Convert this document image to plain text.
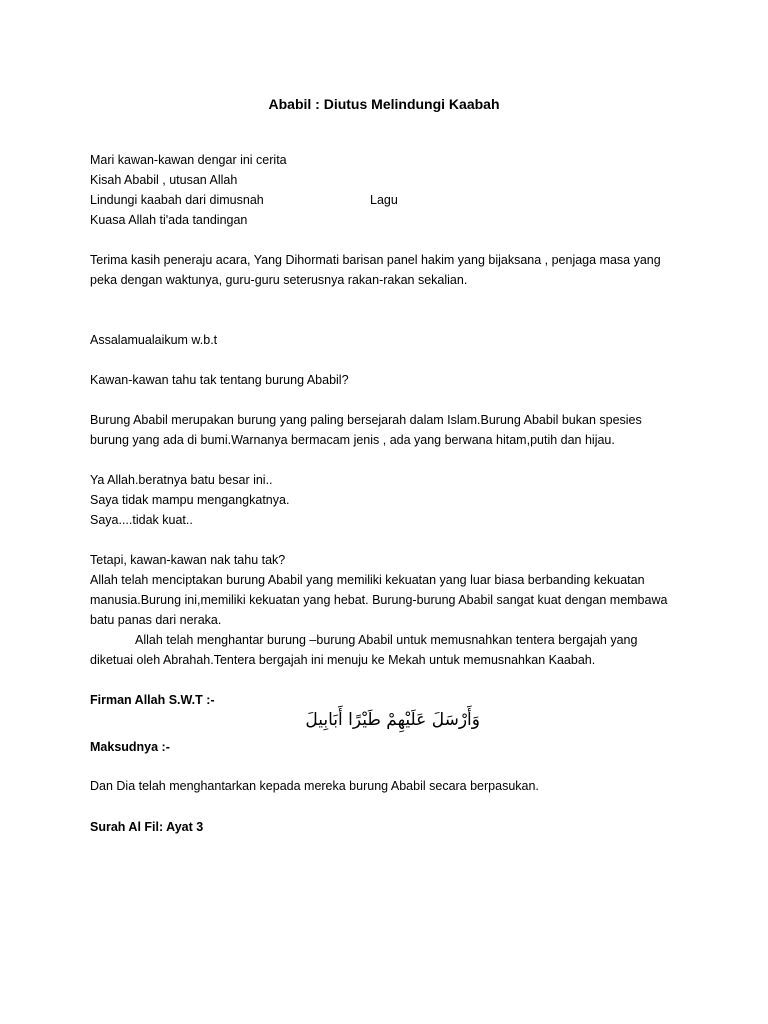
Ababil : Diutus Melindungi Kaabah
Mari kawan-kawan dengar ini cerita
Kisah Ababil , utusan Allah
Lindungi kaabah dari dimusnah	Lagu
Kuasa Allah ti'ada tandingan
Terima kasih peneraju acara, Yang Dihormati barisan panel hakim yang bijaksana , penjaga masa yang
peka dengan waktunya, guru-guru seterusnya rakan-rakan sekalian.
Assalamualaikum w.b.t
Kawan-kawan tahu tak tentang burung Ababil?
Burung Ababil merupakan burung yang paling bersejarah dalam Islam.Burung Ababil bukan spesies
burung yang ada di bumi.Warnanya bermacam jenis , ada yang berwana hitam,putih dan hijau.
Ya Allah.beratnya batu besar ini..
Saya tidak mampu mengangkatnya.
Saya....tidak kuat..
Tetapi, kawan-kawan nak tahu tak?
Allah telah menciptakan burung Ababil yang memiliki kekuatan yang luar biasa berbanding kekuatan
manusia.Burung ini,memiliki kekuatan yang hebat. Burung-burung Ababil sangat kuat dengan membawa
batu panas dari neraka.
Allah telah menghantar burung –burung Ababil untuk memusnahkan tentera bergajah yang
diketuai oleh Abrahah.Tentera bergajah ini menuju ke Mekah untuk memusnahkan Kaabah.
Firman Allah S.W.T :-
وَأَرْسَلَ عَلَيْهِمْ طَيْرًا أَبَابِيلَ
Maksudnya :-
Dan Dia telah menghantarkan kepada mereka burung Ababil secara berpasukan.
Surah Al Fil: Ayat 3
